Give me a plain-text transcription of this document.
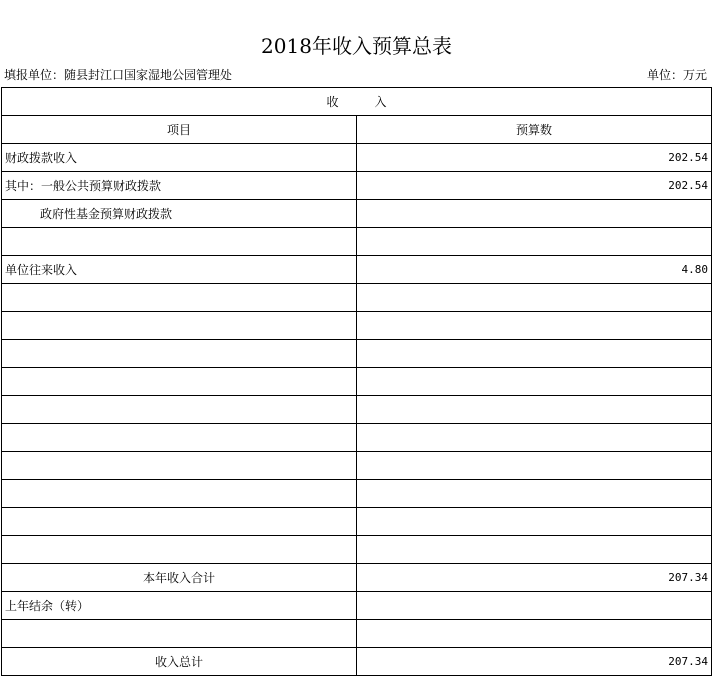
2018年收入预算总表
填报单位：随县封江口国家湿地公园管理处	单位：万元
收　　　入	
项目	预算数
财政拨款收入	202.54
其中：一般公共预算财政拨款	202.54
政府性基金预算财政拨款	

单位往来收入	4.80

本年收入合计	207.34
上年结余（转）	

收入总计	207.34
